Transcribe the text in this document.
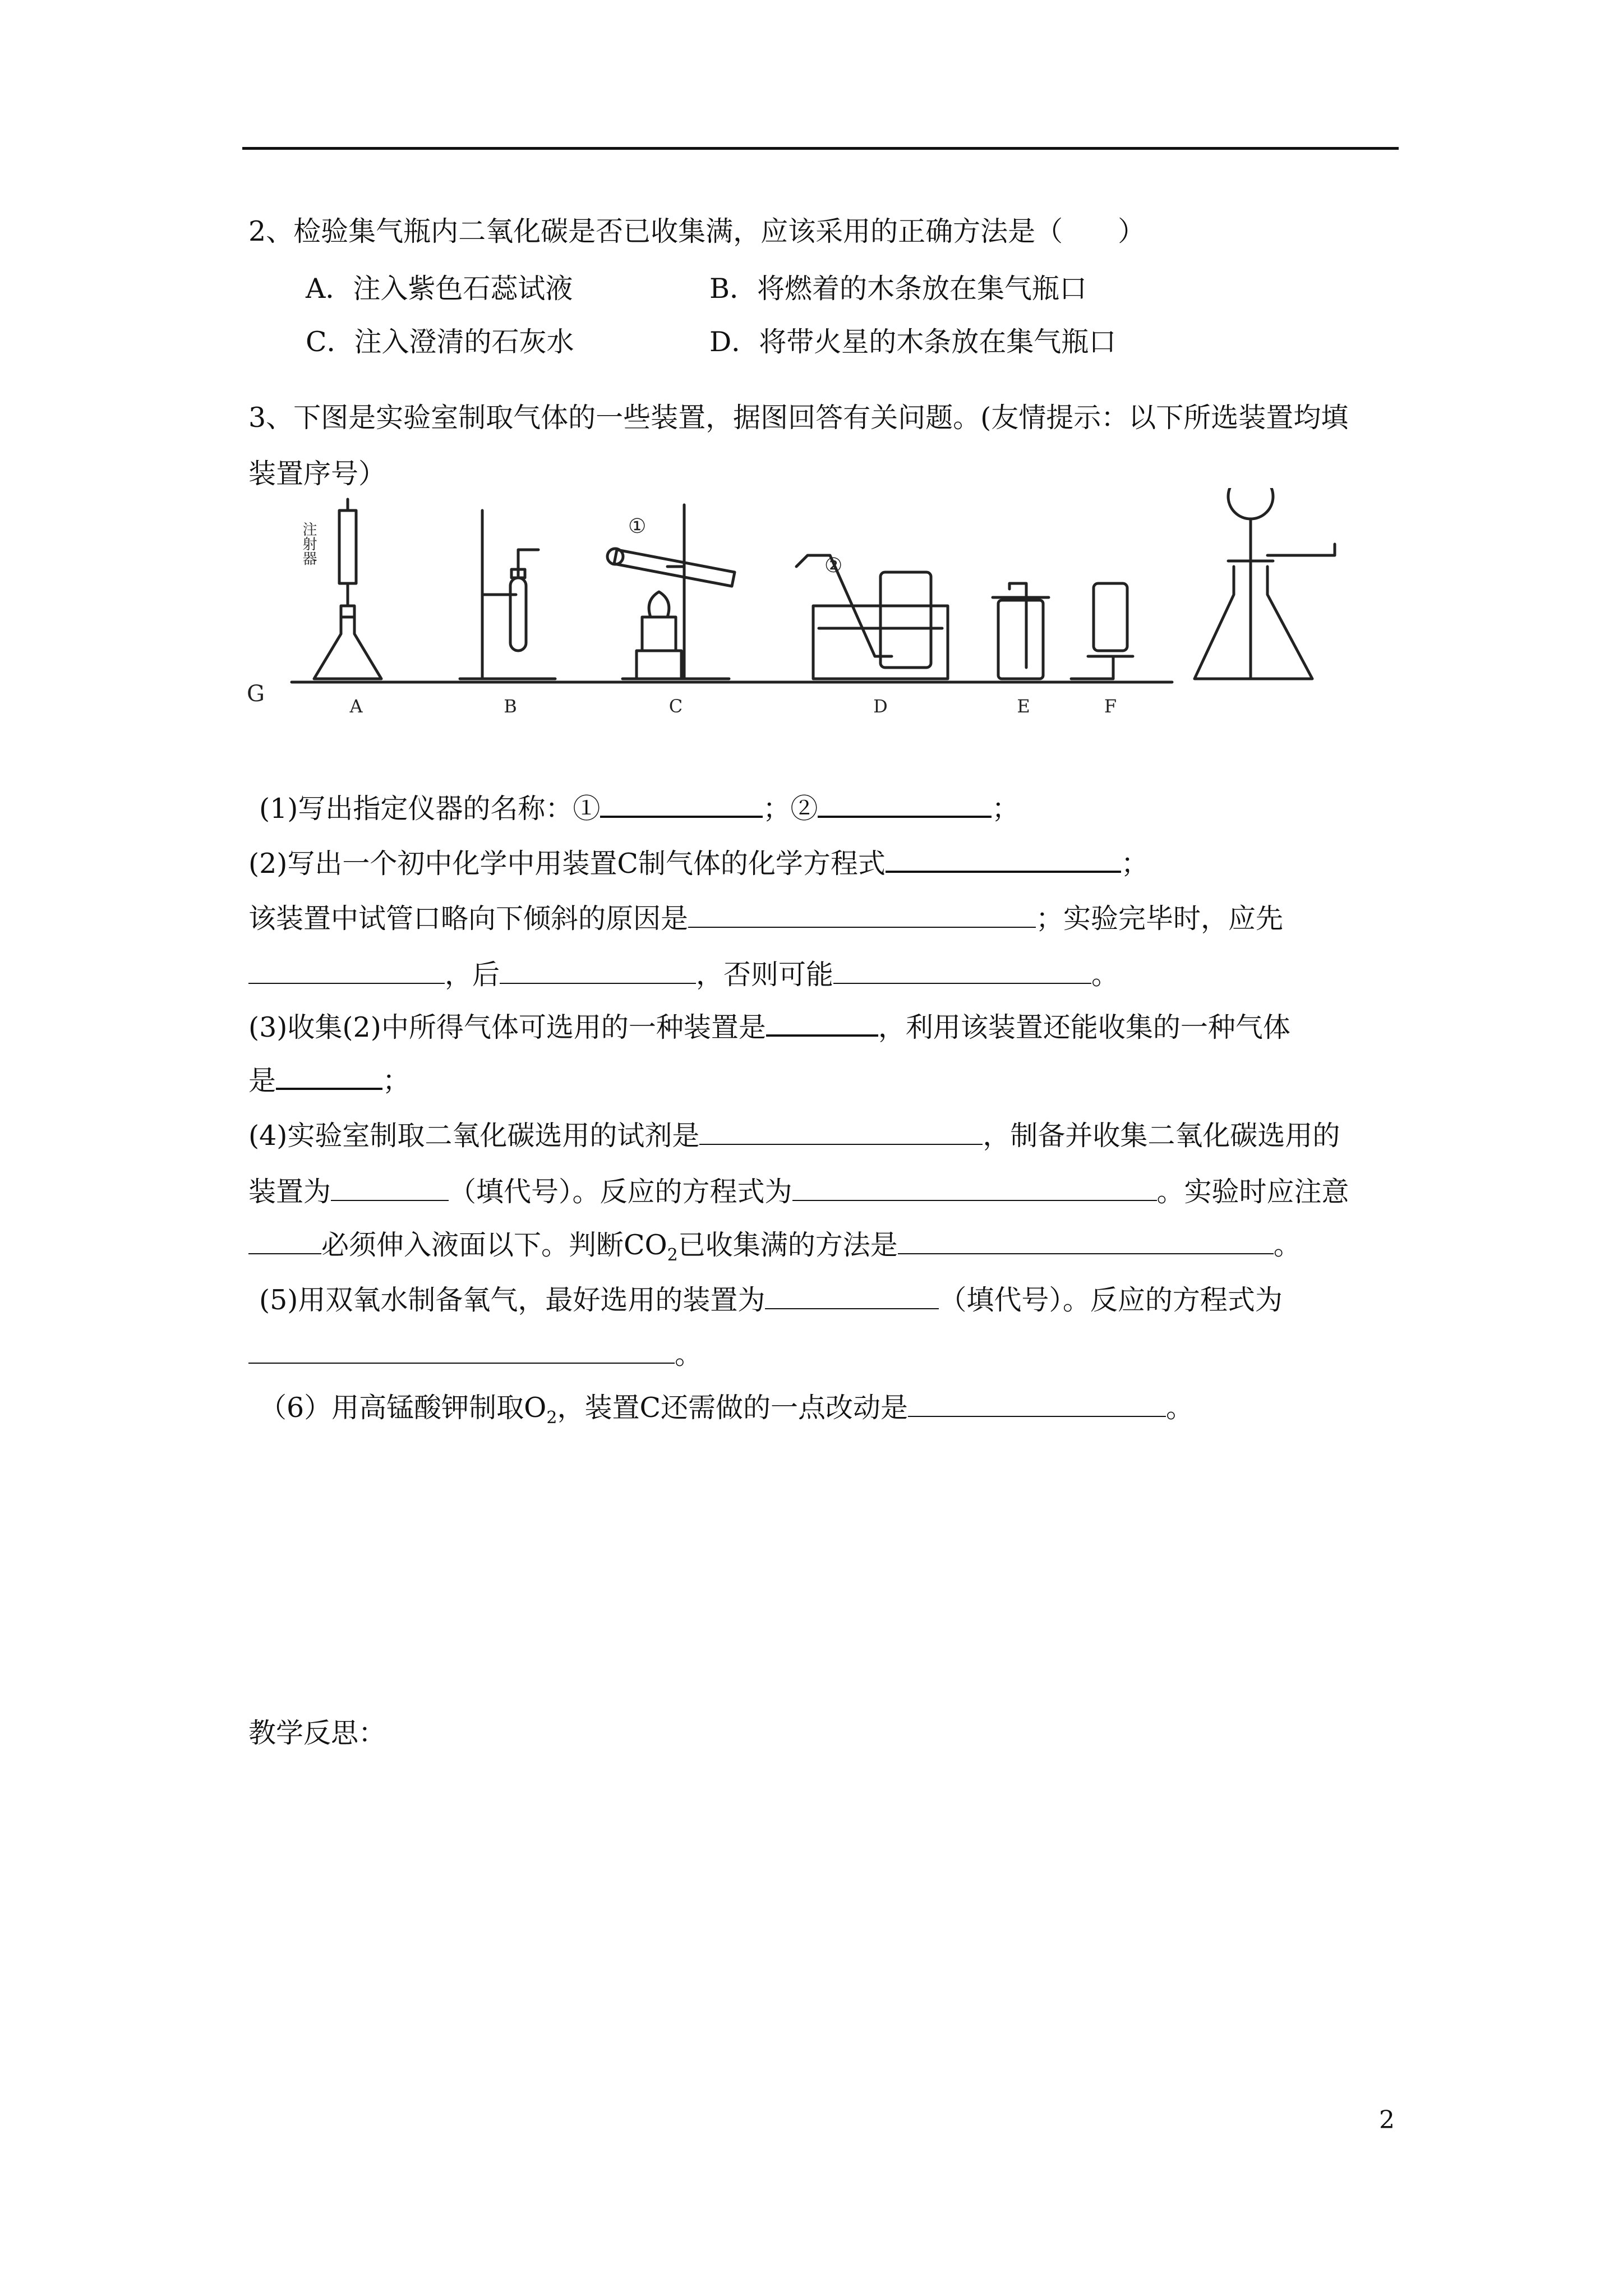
2、检验集气瓶内二氧化碳是否已收集满，应该采用的正确方法是（　　）
A．注入紫色石蕊试液	B．将燃着的木条放在集气瓶口
C．注入澄清的石灰水	D．将带火星的木条放在集气瓶口
3、下图是实验室制取气体的一些装置，据图回答有关问题。(友情提示：以下所选装置均填
装置序号）
A	B	C	D	E	F
G
①
②
注射器
(1)写出指定仪器的名称：①	；②	；
(2)写出一个初中化学中用装置C制气体的化学方程式	；
该装置中试管口略向下倾斜的原因是	；实验完毕时，应先
，后	，否则可能	。
(3)收集(2)中所得气体可选用的一种装置是	，利用该装置还能收集的一种气体
是	；
(4)实验室制取二氧化碳选用的试剂是	，制备并收集二氧化碳选用的
装置为	（填代号）。反应的方程式为	。实验时应注意
必须伸入液面以下。判断$CO_2$已收集满的方法是	。
(5)用双氧水制备氧气，最好选用的装置为	（填代号）。反应的方程式为
。
（6）用高锰酸钾制取$O_2$，装置C还需做的一点改动是	。
教学反思：
2
